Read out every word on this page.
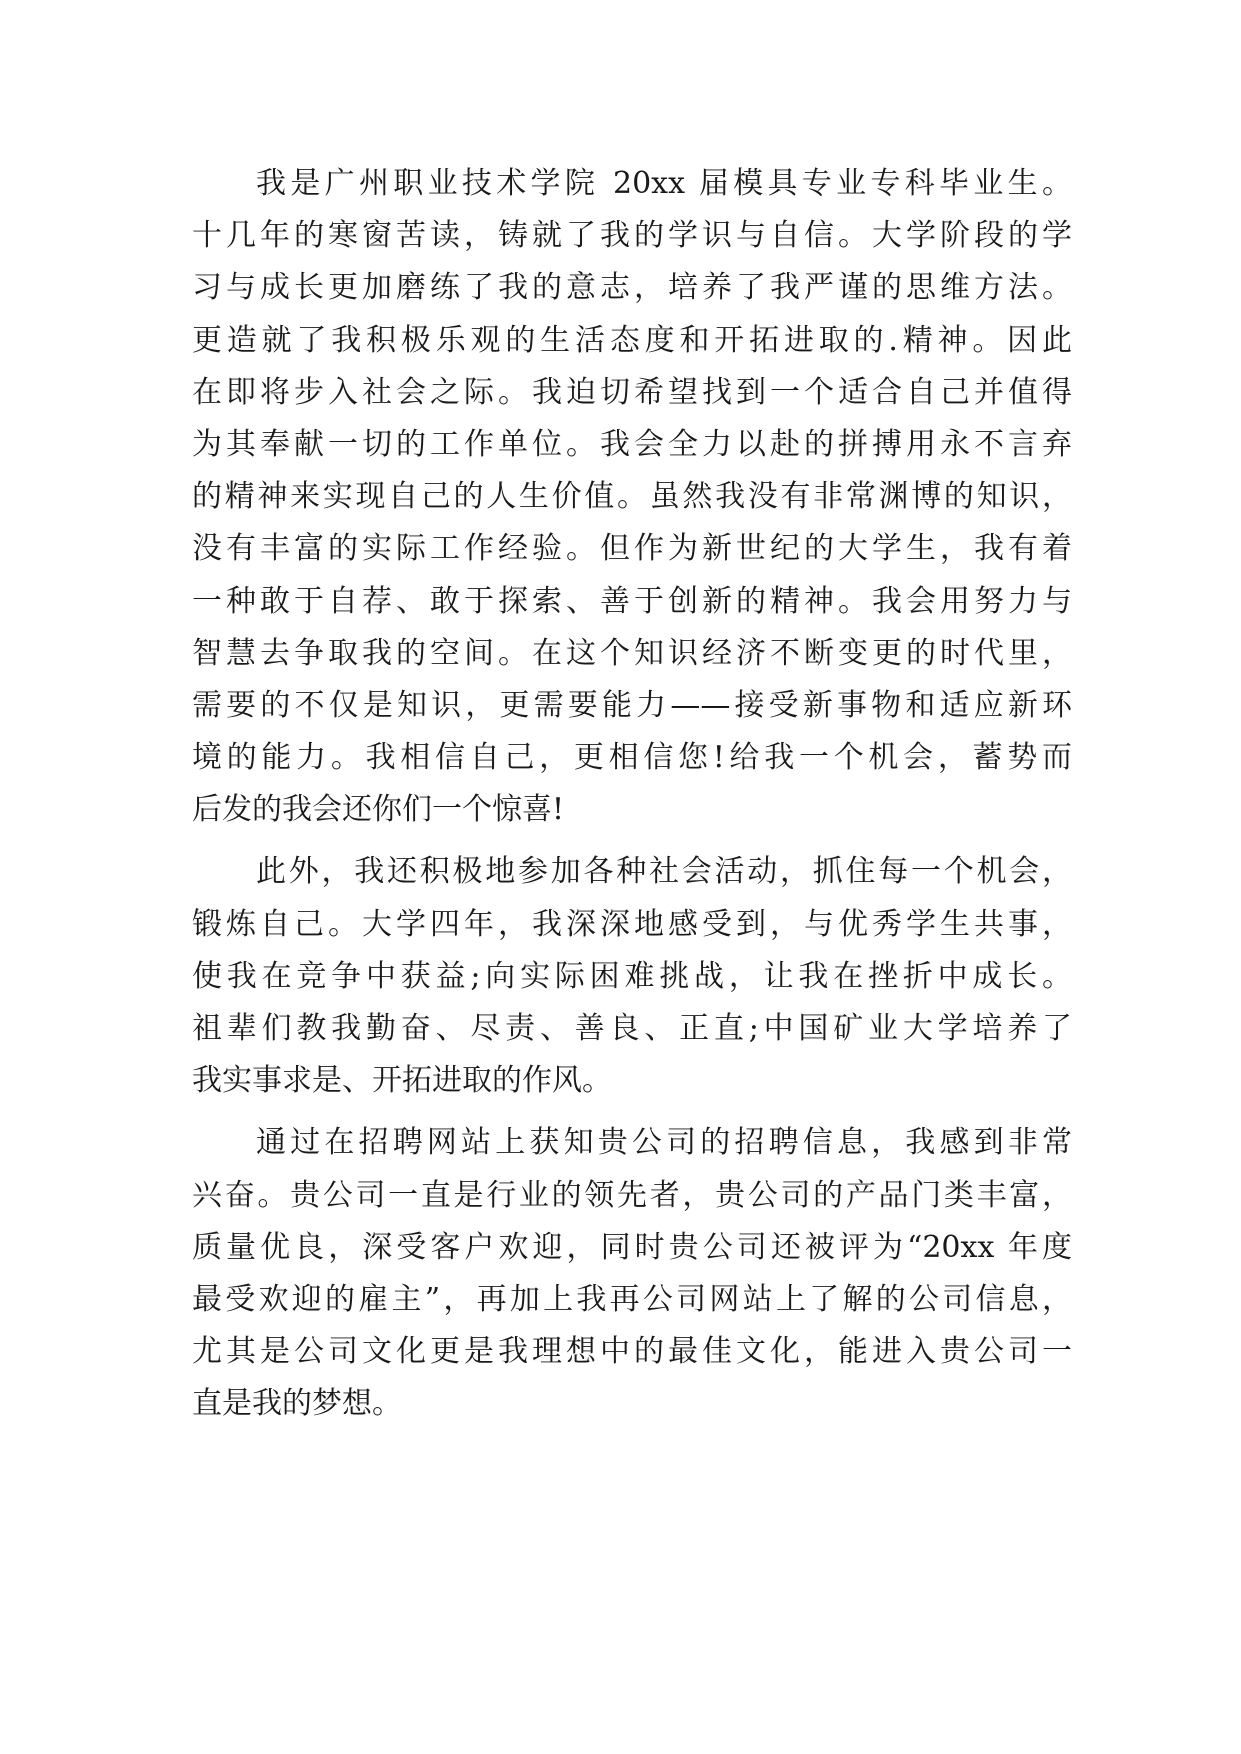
我是广州职业技术学院 20xx 届模具专业专科毕业生。
十几年的寒窗苦读，铸就了我的学识与自信。大学阶段的学
习与成长更加磨练了我的意志，培养了我严谨的思维方法。
更造就了我积极乐观的生活态度和开拓进取的.精神。因此
在即将步入社会之际。我迫切希望找到一个适合自己并值得
为其奉献一切的工作单位。我会全力以赴的拼搏用永不言弃
的精神来实现自己的人生价值。虽然我没有非常渊博的知识，
没有丰富的实际工作经验。但作为新世纪的大学生，我有着
一种敢于自荐、敢于探索、善于创新的精神。我会用努力与
智慧去争取我的空间。在这个知识经济不断变更的时代里，
需要的不仅是知识，更需要能力——接受新事物和适应新环
境的能力。我相信自己，更相信您!给我一个机会，蓄势而
后发的我会还你们一个惊喜!
此外，我还积极地参加各种社会活动，抓住每一个机会，
锻炼自己。大学四年，我深深地感受到，与优秀学生共事，
使我在竞争中获益;向实际困难挑战，让我在挫折中成长。
祖辈们教我勤奋、尽责、善良、正直;中国矿业大学培养了
我实事求是、开拓进取的作风。
通过在招聘网站上获知贵公司的招聘信息，我感到非常
兴奋。贵公司一直是行业的领先者，贵公司的产品门类丰富，
质量优良，深受客户欢迎，同时贵公司还被评为“20xx 年度
最受欢迎的雇主”，再加上我再公司网站上了解的公司信息，
尤其是公司文化更是我理想中的最佳文化，能进入贵公司一
直是我的梦想。
